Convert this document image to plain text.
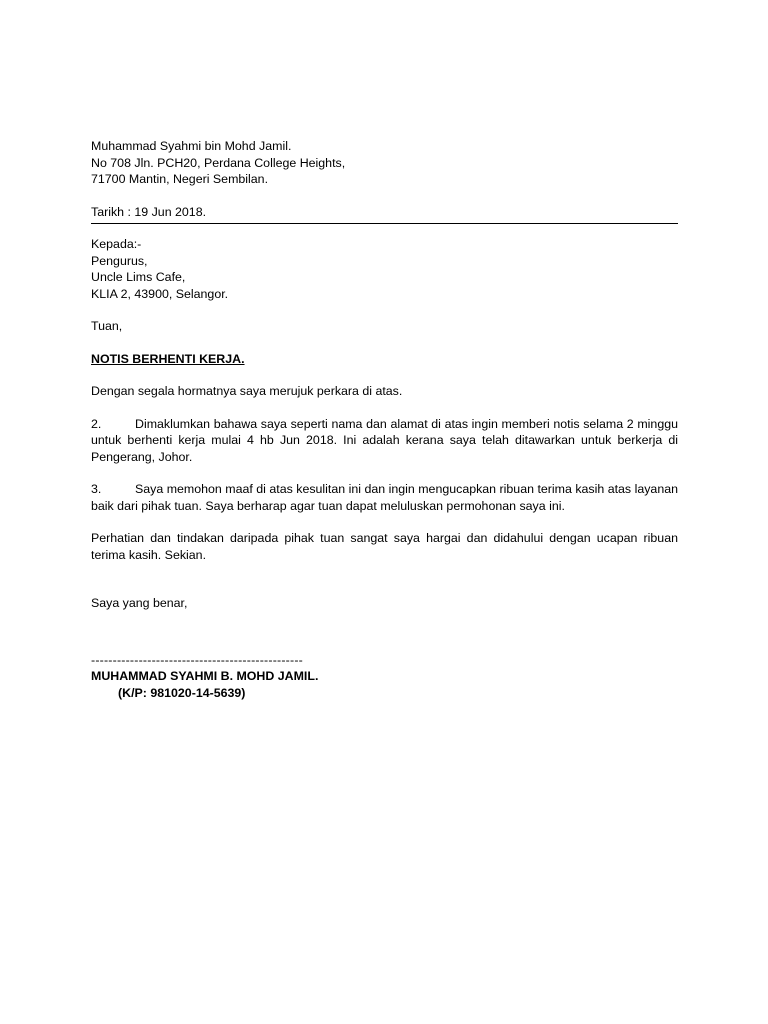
Muhammad Syahmi bin Mohd Jamil.
No 708 Jln. PCH20, Perdana College Heights,
71700 Mantin, Negeri Sembilan.
Tarikh : 19 Jun 2018.
Kepada:-
Pengurus,
Uncle Lims Cafe,
KLIA 2, 43900, Selangor.
Tuan,
NOTIS BERHENTI KERJA.
Dengan segala hormatnya saya merujuk perkara di atas.
2.	Dimaklumkan bahawa saya seperti nama dan alamat di atas ingin memberi notis selama 2 minggu untuk berhenti kerja mulai 4 hb Jun 2018. Ini adalah kerana saya telah ditawarkan untuk berkerja di Pengerang, Johor.
3.	Saya memohon maaf di atas kesulitan ini dan ingin mengucapkan ribuan terima kasih atas layanan baik dari pihak tuan. Saya berharap agar tuan dapat meluluskan permohonan saya ini.
Perhatian dan tindakan daripada pihak tuan sangat saya hargai dan didahului dengan ucapan ribuan terima kasih. Sekian.
Saya yang benar,
-------------------------------------------------
MUHAMMAD SYAHMI B. MOHD JAMIL.
(K/P: 981020-14-5639)
